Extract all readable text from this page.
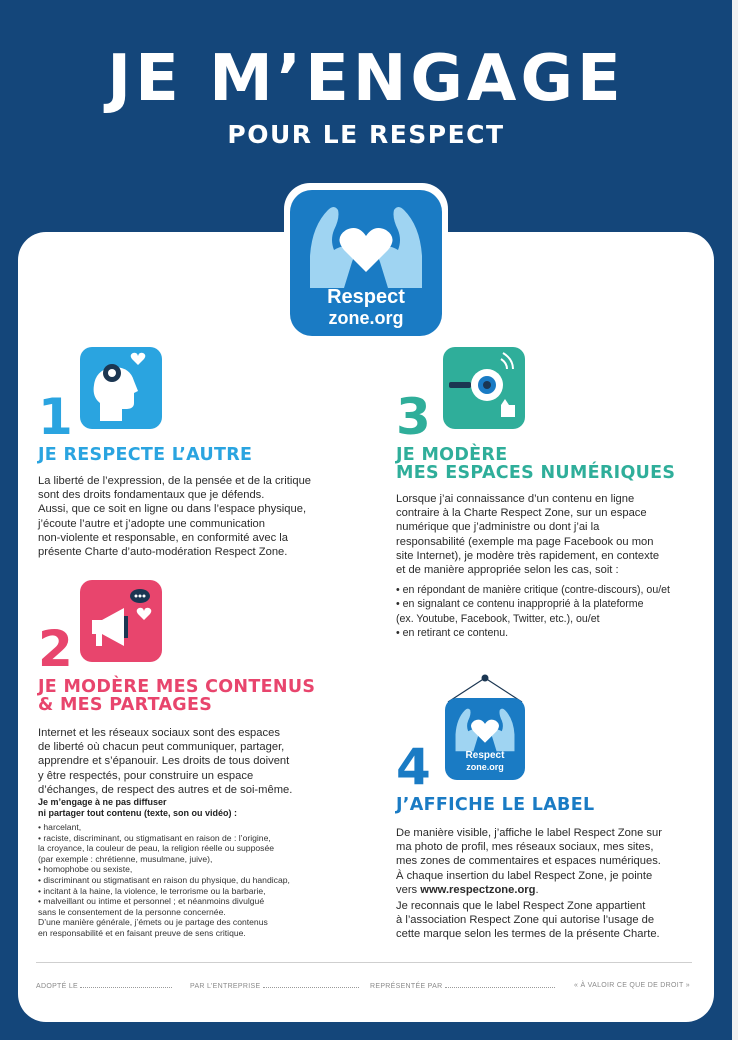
JE M’ENGAGE
POUR LE RESPECT
Respect
zone.org
1
JE RESPECTE L’AUTRE
La liberté de l’expression, de la pensée et de la critique
sont des droits fondamentaux que je défends.
Aussi, que ce soit en ligne ou dans l’espace physique,
j’écoute l’autre et j’adopte une communication
non-violente et responsable, en conformité avec la
présente Charte d’auto-modération Respect Zone.
2
JE MODÈRE MES CONTENUS
& MES PARTAGES
Internet et les réseaux sociaux sont des espaces
de liberté où chacun peut communiquer, partager,
apprendre et s’épanouir. Les droits de tous doivent
y être respectés, pour construire un espace
d’échanges, de respect des autres et de soi-même.
Je m’engage à ne pas diffuser
ni partager tout contenu (texte, son ou vidéo) :
• harcelant,
• raciste, discriminant, ou stigmatisant en raison de : l’origine,
la croyance, la couleur de peau, la religion réelle ou supposée
(par exemple : chrétienne, musulmane, juive),
• homophobe ou sexiste,
• discriminant ou stigmatisant en raison du physique, du handicap,
• incitant à la haine, la violence, le terrorisme ou la barbarie,
• malveillant ou intime et personnel ; et néanmoins divulgué
sans le consentement de la personne concernée.
D’une manière générale, j’émets ou je partage des contenus
en responsabilité et en faisant preuve de sens critique.
3
JE MODÈRE
MES ESPACES NUMÉRIQUES
Lorsque j’ai connaissance d’un contenu en ligne
contraire à la Charte Respect Zone, sur un espace
numérique que j’administre ou dont j’ai la
responsabilité (exemple ma page Facebook ou mon
site Internet), je modère très rapidement, en contexte
et de manière appropriée selon les cas, soit :
• en répondant de manière critique (contre-discours), ou/et
• en signalant ce contenu inapproprié à la plateforme
(ex. Youtube, Facebook, Twitter, etc.), ou/et
• en retirant ce contenu.
4	Respect
zone.org
J’AFFICHE LE LABEL
De manière visible, j’affiche le label Respect Zone sur
ma photo de profil, mes réseaux sociaux, mes sites,
mes zones de commentaires et espaces numériques.
À chaque insertion du label Respect Zone, je pointe
vers www.respectzone.org.
Je reconnais que le label Respect Zone appartient
à l’association Respect Zone qui autorise l’usage de
cette marque selon les termes de la présente Charte.
ADOPTÉ LE	PAR L’ENTREPRISE	REPRÉSENTÉE PAR	« À VALOIR CE QUE DE DROIT »
